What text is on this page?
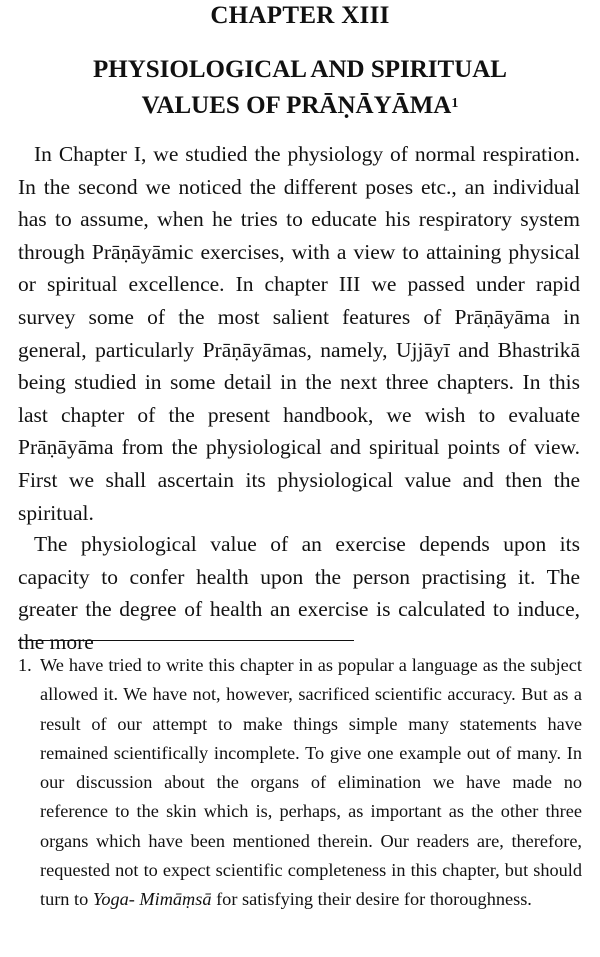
CHAPTER XIII
PHYSIOLOGICAL AND SPIRITUAL
VALUES OF PRĀṆĀYĀMA$^1$

In Chapter I, we studied the physiology of normal respiration. In the second we noticed the different poses etc., an individual has to assume, when he tries to educate his respiratory system through Prāṇāyāmic exercises, with a view to attaining physical or spiritual excellence. In chapter III we passed under rapid survey some of the most salient features of Prāṇāyāma in general, particularly Prāṇāyāmas, namely, Ujjāyī and Bhastrikā being studied in some detail in the next three chapters. In this last chapter of the present handbook, we wish to evaluate Prāṇāyāma from the physiological and spiritual points of view. First we shall ascertain its physiological value and then the spiritual.

The physiological value of an exercise depends upon its capacity to confer health upon the person practising it. The greater the degree of health an exercise is calculated to induce, the more

1. We have tried to write this chapter in as popular a language as the subject allowed it. We have not, however, sacrificed scientific accuracy. But as a result of our attempt to make things simple many statements have remained scientifically incomplete. To give one example out of many. In our discussion about the organs of elimination we have made no reference to the skin which is, perhaps, as important as the other three organs which have been mentioned therein. Our readers are, therefore, requested not to expect scientific completeness in this chapter, but should turn to Yoga- Mimāṃsā for satisfying their desire for thoroughness.
